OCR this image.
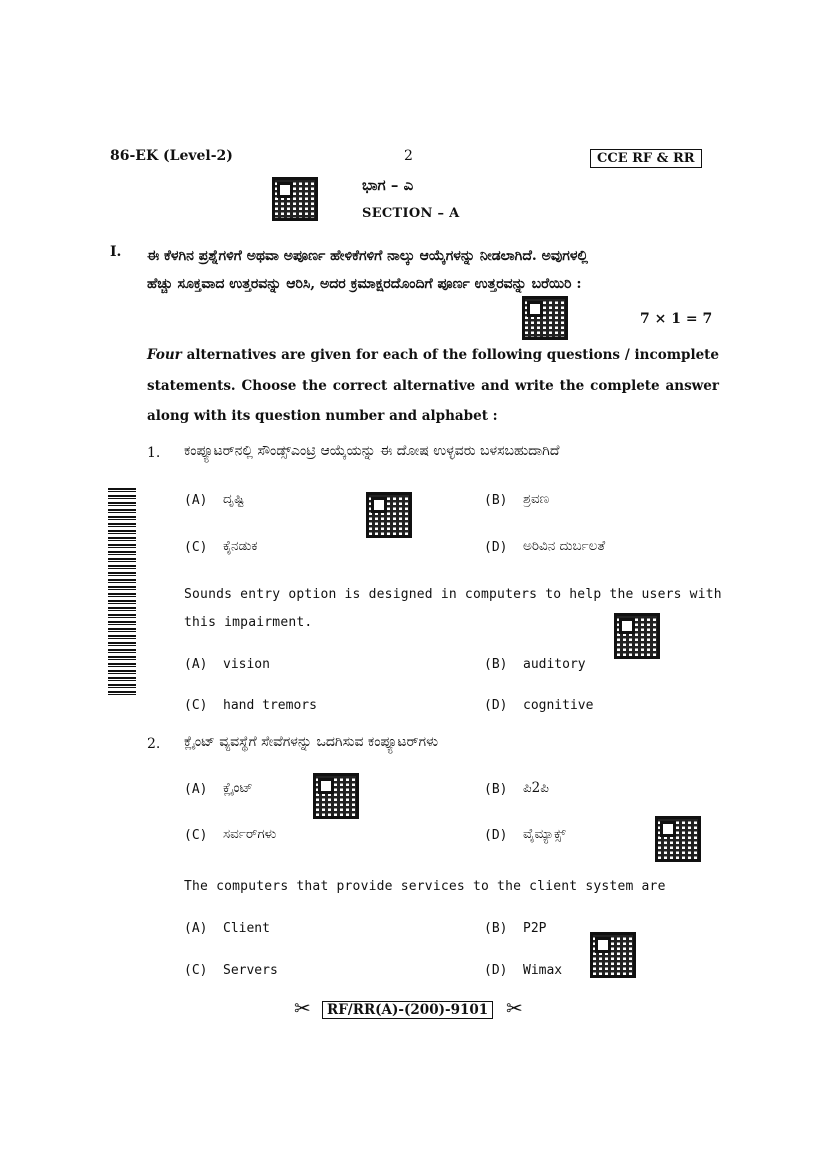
86-EK (Level-2)	2	CCE RF & RR
ಭಾಗ – ಎ
SECTION – A
I. ಈ ಕೆಳಗಿನ ಪ್ರಶ್ನೆಗಳಿಗೆ ಅಥವಾ ಅಪೂರ್ಣ ಹೇಳಿಕೆಗಳಿಗೆ ನಾಲ್ಕು ಆಯ್ಕೆಗಳನ್ನು ನೀಡಲಾಗಿದೆ. ಅವುಗಳಲ್ಲಿ
ಹೆಚ್ಚು ಸೂಕ್ತವಾದ ಉತ್ತರವನ್ನು ಆರಿಸಿ, ಅದರ ಕ್ರಮಾಕ್ಷರದೊಂದಿಗೆ ಪೂರ್ಣ ಉತ್ತರವನ್ನು ಬರೆಯಿರಿ :
7 × 1 = 7
Four alternatives are given for each of the following questions / incomplete statements. Choose the correct alternative and write the complete answer along with its question number and alphabet :
1. ಕಂಪ್ಯೂಟರ್‌ನಲ್ಲಿ ಸೌಂಡ್ಸ್‌ಎಂಟ್ರಿ ಆಯ್ಕೆಯನ್ನು ಈ ದೋಷ ಉಳ್ಳವರು ಬಳಸಬಹುದಾಗಿದೆ
(A) ದೃಷ್ಟಿ	(B) ಶ್ರವಣ
(C) ಕೈನಡುಕ	(D) ಅರಿವಿನ ದುರ್ಬಲತೆ
Sounds entry option is designed in computers to help the users with
this impairment.
(A) vision	(B) auditory
(C) hand tremors	(D) cognitive
2. ಕ್ಲೈಂಟ್ ವ್ಯವಸ್ಥೆಗೆ ಸೇವೆಗಳನ್ನು ಒದಗಿಸುವ ಕಂಪ್ಯೂಟರ್‌ಗಳು
(A) ಕ್ಲೈಂಟ್	(B) ಪಿ2ಪಿ
(C) ಸರ್ವರ್‌ಗಳು	(D) ವೈಮ್ಯಾಕ್ಸ್
The computers that provide services to the client system are
(A) Client	(B) P2P
(C) Servers	(D) Wimax
✂	RF/RR(A)-(200)-9101 ✂
